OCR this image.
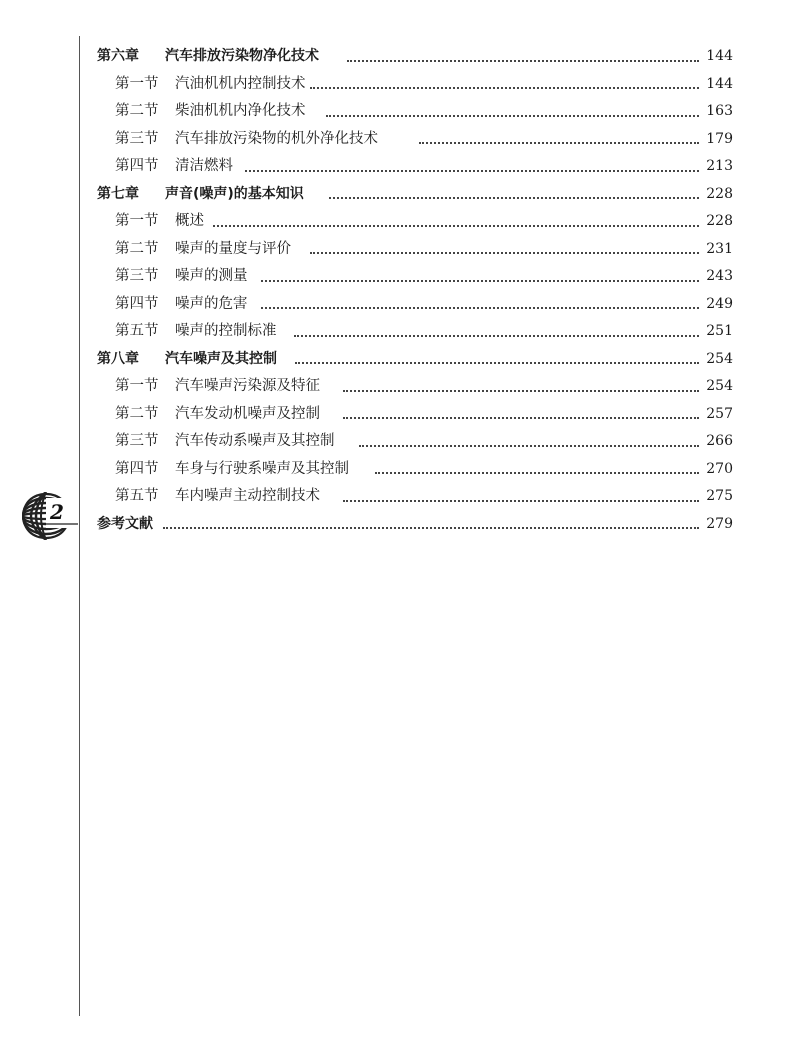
2
第六章 汽车排放污染物净化技术	144
第一节 汽油机机内控制技术	144
第二节 柴油机机内净化技术	163
第三节 汽车排放污染物的机外净化技术	179
第四节 清洁燃料	213
第七章 声音(噪声)的基本知识	228
第一节 概述	228
第二节 噪声的量度与评价	231
第三节 噪声的测量	243
第四节 噪声的危害	249
第五节 噪声的控制标准	251
第八章 汽车噪声及其控制	254
第一节 汽车噪声污染源及特征	254
第二节 汽车发动机噪声及控制	257
第三节 汽车传动系噪声及其控制	266
第四节 车身与行驶系噪声及其控制	270
第五节 车内噪声主动控制技术	275
参考文献	279
